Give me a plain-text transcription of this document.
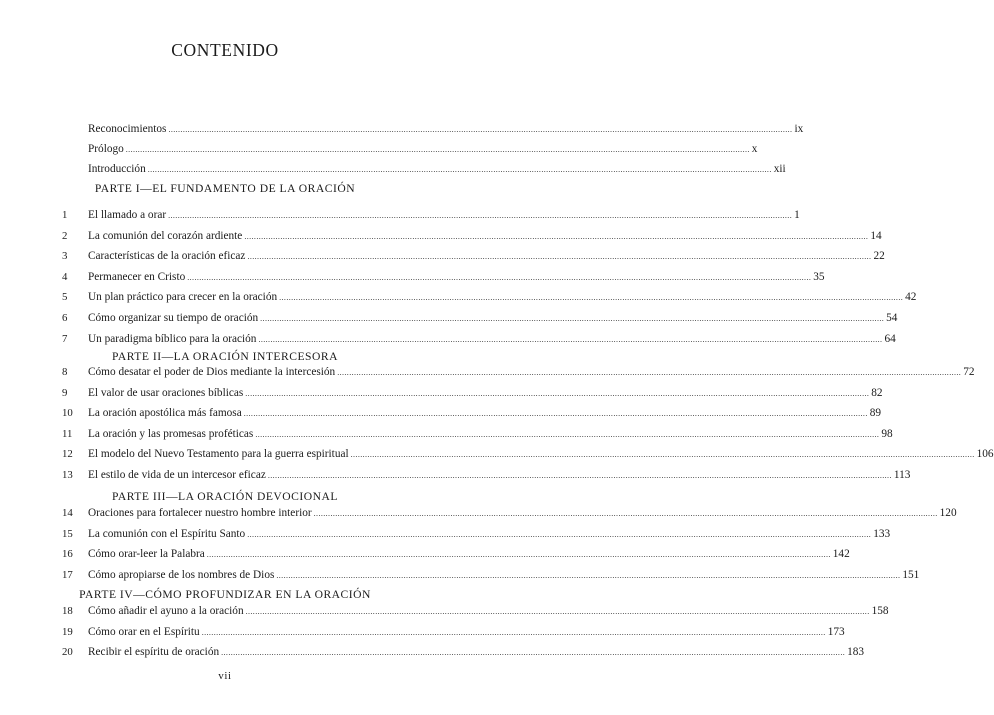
CONTENIDO
Reconocimientos .................................................................................................................................................................................................................................................................... ix
Prólogo .................................................................................................................................................................................................................................................................... x
Introducción .................................................................................................................................................................................................................................................................... xii
PARTE I—EL FUNDAMENTO DE LA ORACIÓN
1	El llamado a orar .................................................................................................................................................................................................................................................................... 1
2	La comunión del corazón ardiente .................................................................................................................................................................................................................................................................... 14
3	Características de la oración eficaz .................................................................................................................................................................................................................................................................... 22
4	Permanecer en Cristo .................................................................................................................................................................................................................................................................... 35
5	Un plan práctico para crecer en la oración .................................................................................................................................................................................................................................................................... 42
6	Cómo organizar su tiempo de oración .................................................................................................................................................................................................................................................................... 54
7	Un paradigma bíblico para la oración .................................................................................................................................................................................................................................................................... 64
PARTE II—LA ORACIÓN INTERCESORA
8	Cómo desatar el poder de Dios mediante la intercesión .................................................................................................................................................................................................................................................................... 72
9	El valor de usar oraciones bíblicas .................................................................................................................................................................................................................................................................... 82
10	La oración apostólica más famosa .................................................................................................................................................................................................................................................................... 89
11	La oración y las promesas proféticas .................................................................................................................................................................................................................................................................... 98
12	El modelo del Nuevo Testamento para la guerra espiritual .................................................................................................................................................................................................................................................................... 106
13	El estilo de vida de un intercesor eficaz .................................................................................................................................................................................................................................................................... 113
PARTE III—LA ORACIÓN DEVOCIONAL
14	Oraciones para fortalecer nuestro hombre interior .................................................................................................................................................................................................................................................................... 120
15	La comunión con el Espíritu Santo .................................................................................................................................................................................................................................................................... 133
16	Cómo orar-leer la Palabra .................................................................................................................................................................................................................................................................... 142
17	Cómo apropiarse de los nombres de Dios .................................................................................................................................................................................................................................................................... 151
PARTE IV—CÓMO PROFUNDIZAR EN LA ORACIÓN
18	Cómo añadir el ayuno a la oración .................................................................................................................................................................................................................................................................... 158
19	Cómo orar en el Espíritu .................................................................................................................................................................................................................................................................... 173
20	Recibir el espíritu de oración .................................................................................................................................................................................................................................................................... 183
vii
